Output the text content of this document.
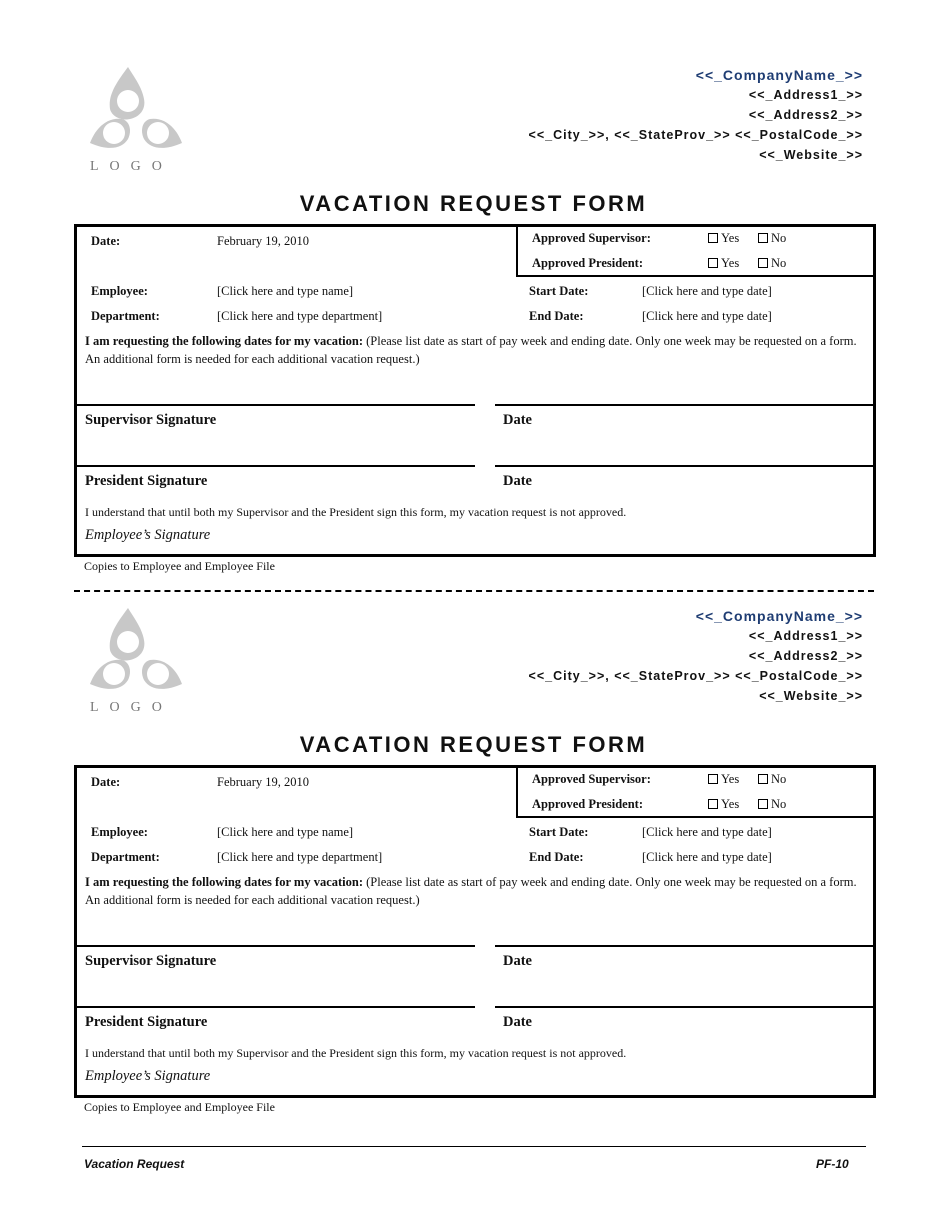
LOGO
<<_CompanyName_>>
<<_Address1_>>
<<_Address2_>>
<<_City_>>, <<_StateProv_>> <<_PostalCode_>>
<<_Website_>>
VACATION REQUEST FORM
Date:	February 19, 2010	Approved Supervisor:	Yes	No
Approved President:	Yes	No
Employee:	[Click here and type name]	Start Date:	[Click here and type date]
Department:	[Click here and type department]	End Date:	[Click here and type date]
I am requesting the following dates for my vacation: (Please list date as start of pay week and ending date. Only one week may be requested on a form. An additional form is needed for each additional vacation request.)
Supervisor Signature	Date
President Signature	Date
I understand that until both my Supervisor and the President sign this form, my vacation request is not approved.
Employee’s Signature
Copies to Employee and Employee File
LOGO
<<_CompanyName_>>
<<_Address1_>>
<<_Address2_>>
<<_City_>>, <<_StateProv_>> <<_PostalCode_>>
<<_Website_>>
VACATION REQUEST FORM
Date:	February 19, 2010	Approved Supervisor:	Yes	No
Approved President:	Yes	No
Employee:	[Click here and type name]	Start Date:	[Click here and type date]
Department:	[Click here and type department]	End Date:	[Click here and type date]
I am requesting the following dates for my vacation: (Please list date as start of pay week and ending date. Only one week may be requested on a form. An additional form is needed for each additional vacation request.)
Supervisor Signature	Date
President Signature	Date
I understand that until both my Supervisor and the President sign this form, my vacation request is not approved.
Employee’s Signature
Copies to Employee and Employee File
Vacation Request	PF-10
